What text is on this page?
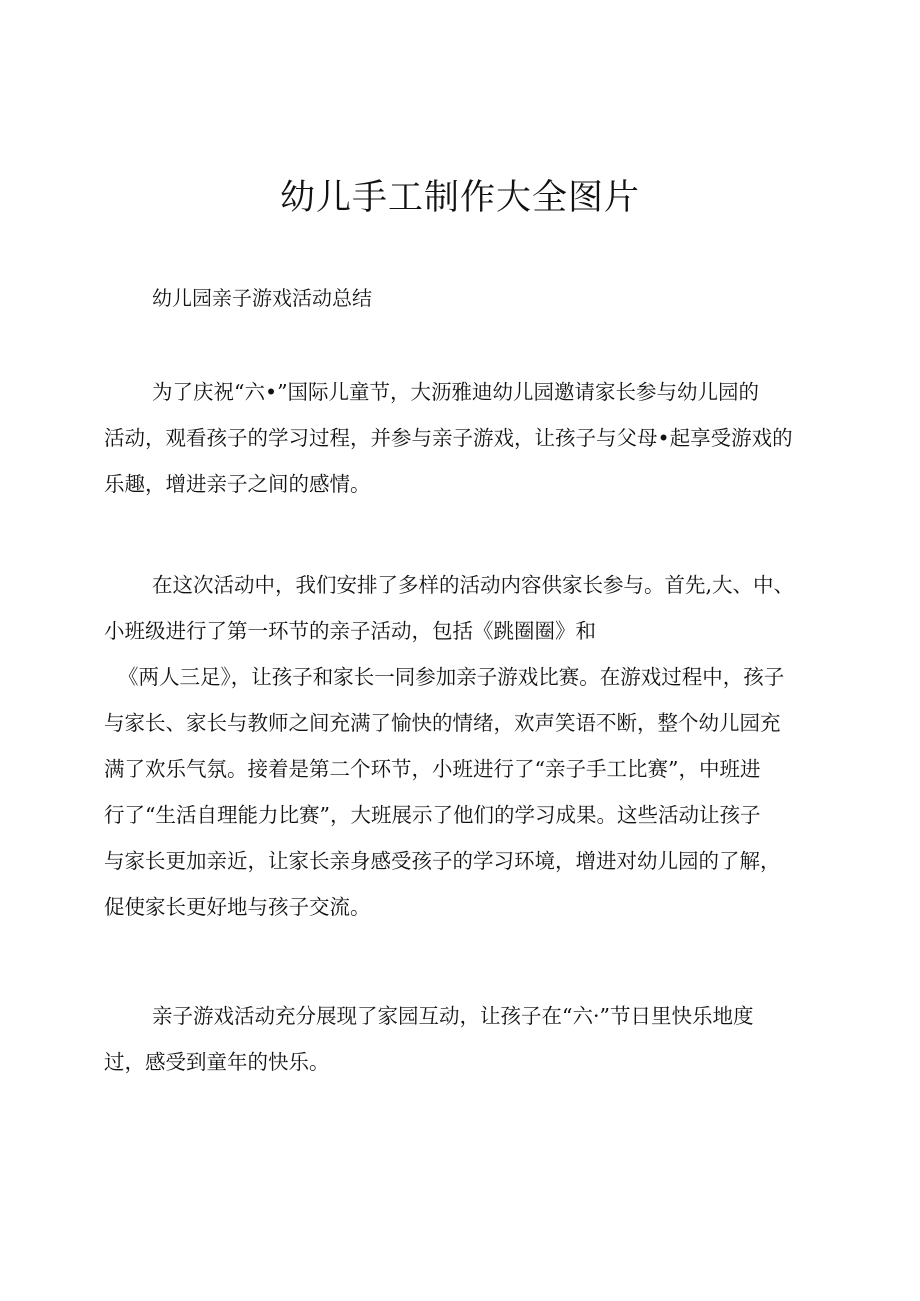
幼儿手工制作大全图片

幼儿园亲子游戏活动总结

为了庆祝“六•”国际儿童节，大沥雅迪幼儿园邀请家长参与幼儿园的
活动，观看孩子的学习过程，并参与亲子游戏，让孩子与父母•起享受游戏的
乐趣，增进亲子之间的感情。
在这次活动中，我们安排了多样的活动内容供家长参与。首先,大、中、
小班级进行了第一环节的亲子活动，包括《跳圈圈》和
《两人三足》，让孩子和家长一同参加亲子游戏比赛。在游戏过程中，孩子
与家长、家长与教师之间充满了愉快的情绪，欢声笑语不断，整个幼儿园充
满了欢乐气氛。接着是第二个环节，小班进行了“亲子手工比赛”，中班进
行了“生活自理能力比赛”，大班展示了他们的学习成果。这些活动让孩子
与家长更加亲近，让家长亲身感受孩子的学习环境，增进对幼儿园的了解，
促使家长更好地与孩子交流。
亲子游戏活动充分展现了家园互动，让孩子在“六·”节日里快乐地度
过，感受到童年的快乐。
